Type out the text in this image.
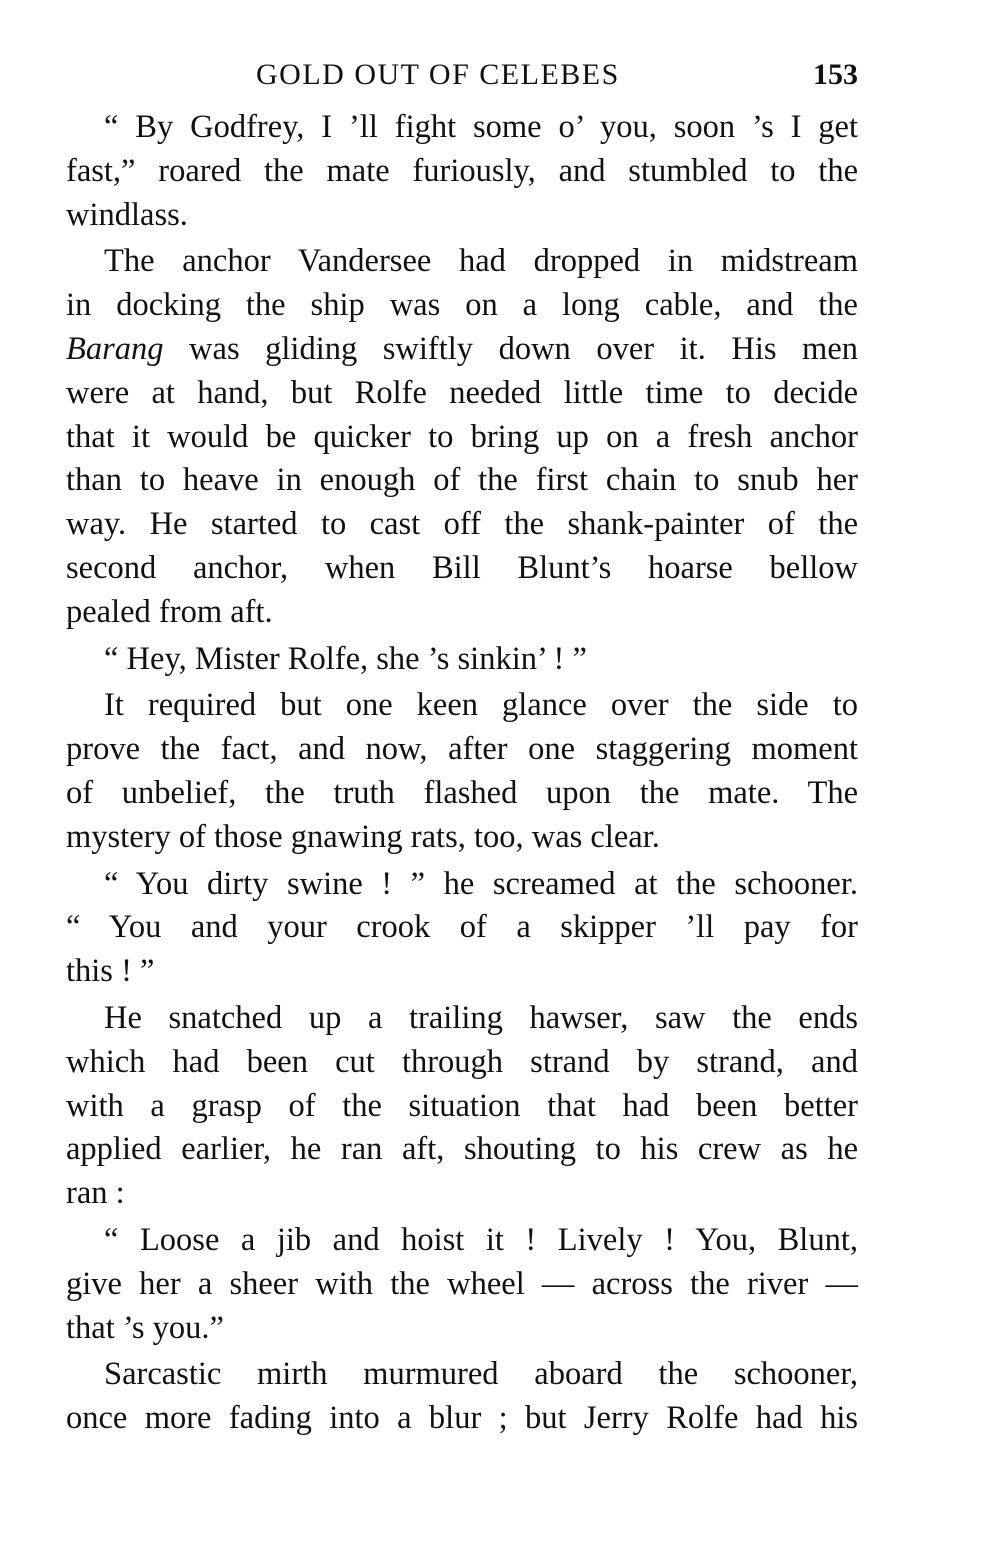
GOLD OUT OF CELEBES	153

“ By Godfrey, I ’ll fight some o’ you, soon ’s I get
fast,” roared the mate furiously, and stumbled to the
windlass.

The anchor Vandersee had dropped in midstream
in docking the ship was on a long cable, and the
Barang was gliding swiftly down over it. His men
were at hand, but Rolfe needed little time to decide
that it would be quicker to bring up on a fresh anchor
than to heave in enough of the first chain to snub her
way. He started to cast off the shank-painter of the
second anchor, when Bill Blunt’s hoarse bellow
pealed from aft.

“ Hey, Mister Rolfe, she ’s sinkin’ ! ”

It required but one keen glance over the side to
prove the fact, and now, after one staggering moment
of unbelief, the truth flashed upon the mate. The
mystery of those gnawing rats, too, was clear.

“ You dirty swine ! ” he screamed at the schooner.
“ You and your crook of a skipper ’ll pay for
this ! ”

He snatched up a trailing hawser, saw the ends
which had been cut through strand by strand, and
with a grasp of the situation that had been better
applied earlier, he ran aft, shouting to his crew as he
ran :

“ Loose a jib and hoist it ! Lively ! You, Blunt,
give her a sheer with the wheel — across the river —
that ’s you.”

Sarcastic mirth murmured aboard the schooner,
once more fading into a blur ; but Jerry Rolfe had his
